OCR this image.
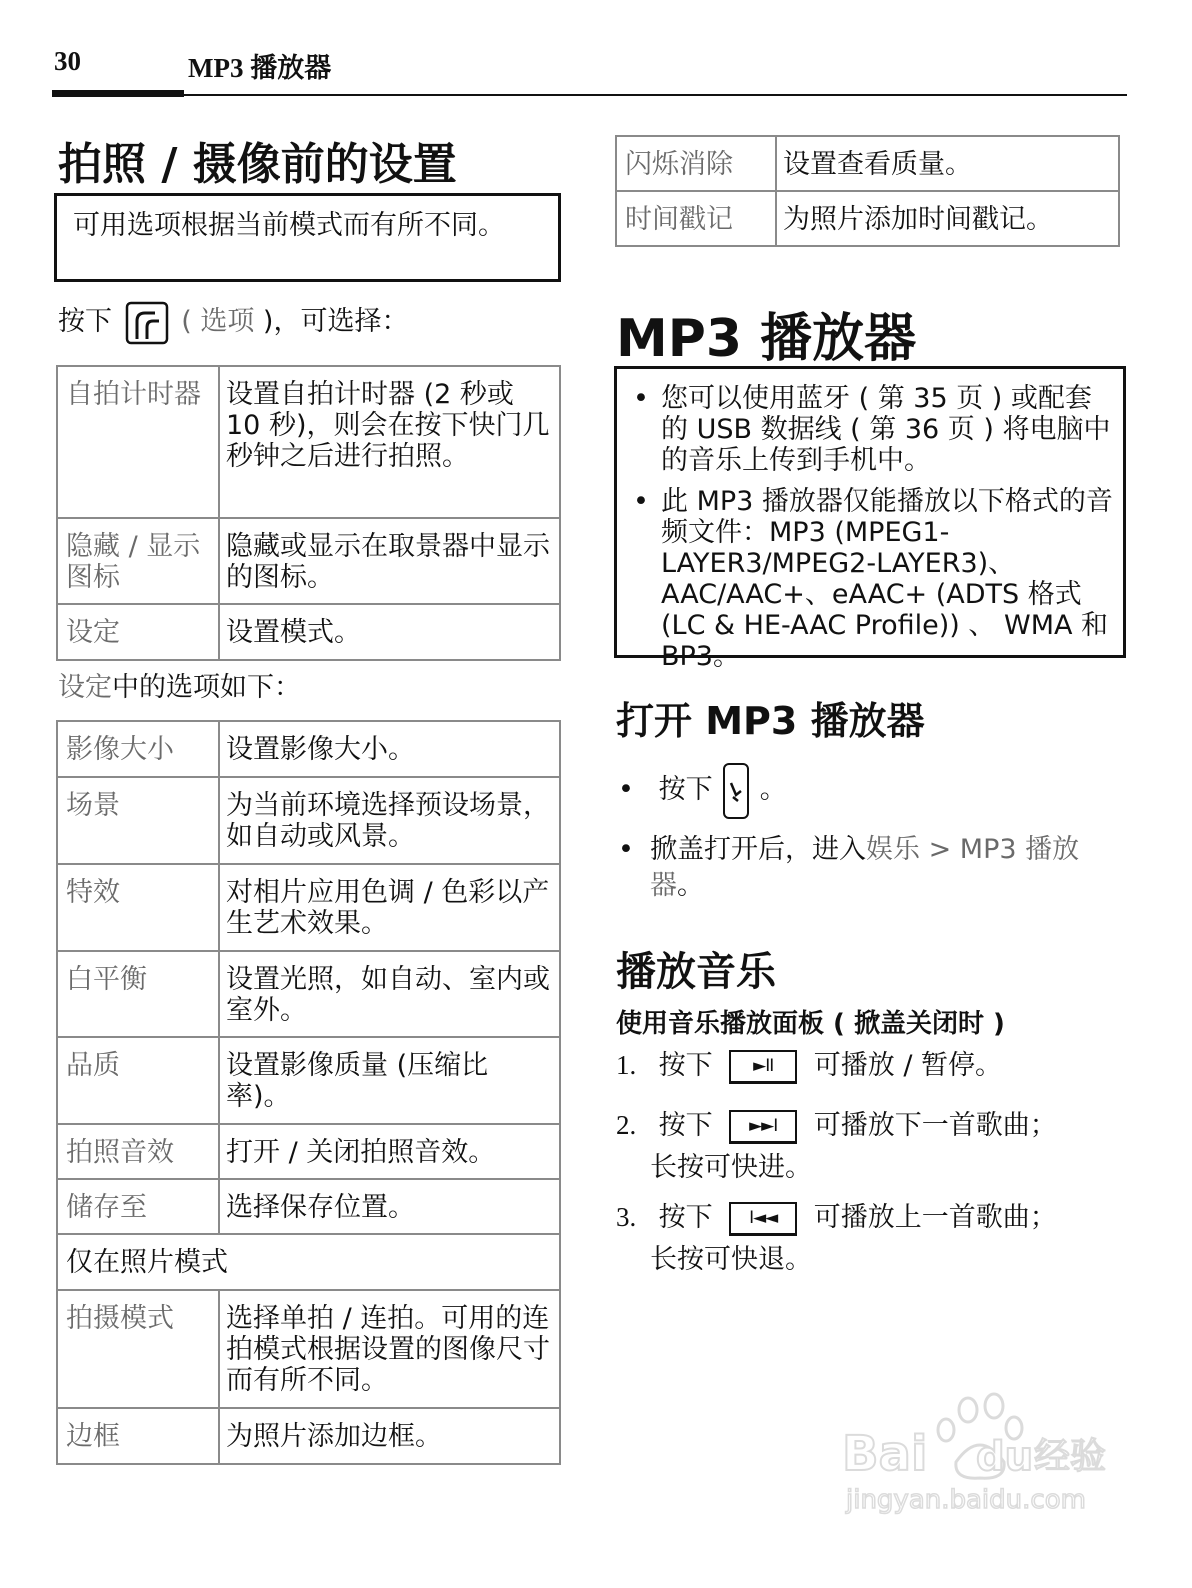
30	MP3 播放器
拍照 / 摄像前的设置
可用选项根据当前模式而有所不同。
按下	( 选项 )，可选择：
自拍计时器	设置自拍计时器 (2 秒或 10 秒)，则会在按下快门几秒钟之后进行拍照。
隐藏 / 显示图标	隐藏或显示在取景器中显示的图标。
设定	设置模式。
设定中的选项如下：
影像大小	设置影像大小。
场景	为当前环境选择预设场景，如自动或风景。
特效	对相片应用色调 / 色彩以产生艺术效果。
白平衡	设置光照，如自动、室内或室外。
品质	设置影像质量 (压缩比率)。
拍照音效	打开 / 关闭拍照音效。
储存至	选择保存位置。
仅在照片模式	
拍摄模式	选择单拍 / 连拍。可用的连拍模式根据设置的图像尺寸而有所不同。
边框	为照片添加边框。
闪烁消除	设置查看质量。
时间戳记	为照片添加时间戳记。
MP3 播放器
• 您可以使用蓝牙 ( 第 35 页 ) 或配套的 USB 数据线 ( 第 36 页 ) 将电脑中的音乐上传到手机中。
• 此 MP3 播放器仅能播放以下格式的音频文件：MP3 (MPEG1-LAYER3/MPEG2-LAYER3)、AAC/AAC+、eAAC+ (ADTS 格式 (LC & HE-AAC Profile)) 、 WMA 和 BP3。
打开 MP3 播放器
• 按下 。
• 掀盖打开后，进入娱乐 > MP3 播放器。
播放音乐
使用音乐播放面板 ( 掀盖关闭时 )
1. 按下 ►II 可播放 / 暂停。
2. 按下 ►►I 可播放下一首歌曲；
长按可快进。
3. 按下 I◄◄ 可播放上一首歌曲；
长按可快退。
Bai du 经验
jingyan.baidu.com
